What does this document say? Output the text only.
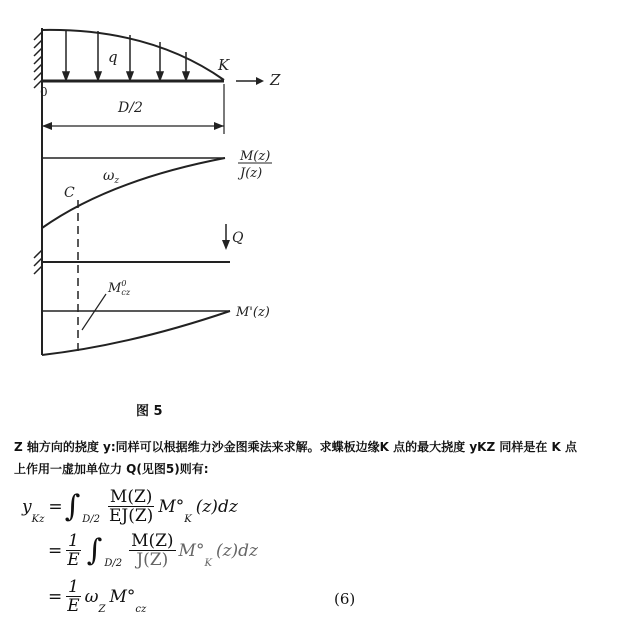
q	K
Z
0
D/2
M(z)
J(z)
$\omega_z$
C
Q
$M^0$ cz
M'(z)
图 5
Z 轴方向的挠度 y:同样可以根据维力沙金图乘法来求解。求蝶板边缘K 点的最大挠度 yKZ 同样是在 K 点
上作用一虚加单位力 Q(见图5)则有:
y
Kz
= ∫ $D/2 \frac{M(Z)}{EJ(Z)} M^\circ$
K
(z)dz
= $\frac{1}{E}$ ∫ $D/2 \frac{M(Z)}{J(Z)} M^\circ$
K
(z)dz
= $\frac{1}{E}$ ω
Z
M°
cz
(6)
